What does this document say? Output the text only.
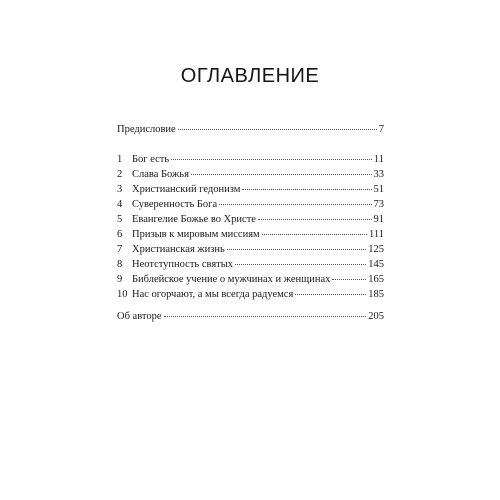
ОГЛАВЛЕНИЕ
Предисловие	7
1 Бог есть	11
2 Слава Божья	33
3 Христианский гедонизм	51
4 Суверенность Бога	73
5 Евангелие Божье во Христе	91
6 Призыв к мировым миссиям	111
7 Христианская жизнь	125
8 Неотступность святых	145
9 Библейское учение о мужчинах и женщинах	165
10 Нас огорчают, а мы всегда радуемся	185
Об авторе	205
